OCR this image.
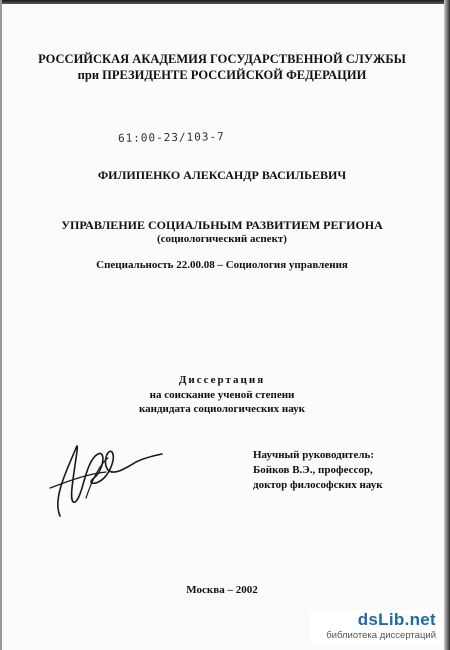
РОССИЙСКАЯ АКАДЕМИЯ ГОСУДАРСТВЕННОЙ СЛУЖБЫ
при ПРЕЗИДЕНТЕ РОССИЙСКОЙ ФЕДЕРАЦИИ
61:00-23/103-7
ФИЛИПЕНКО АЛЕКСАНДР ВАСИЛЬЕВИЧ
УПРАВЛЕНИЕ СОЦИАЛЬНЫМ РАЗВИТИЕМ РЕГИОНА
(социологический аспект)
Специальность 22.00.08 – Социология управления
Диссертация
на соискание ученой степени
кандидата социологических наук
Научный руководитель:
Бойков В.Э., профессор,
доктор философских наук
Москва – 2002
dsLib.net
библиотека диссертаций
